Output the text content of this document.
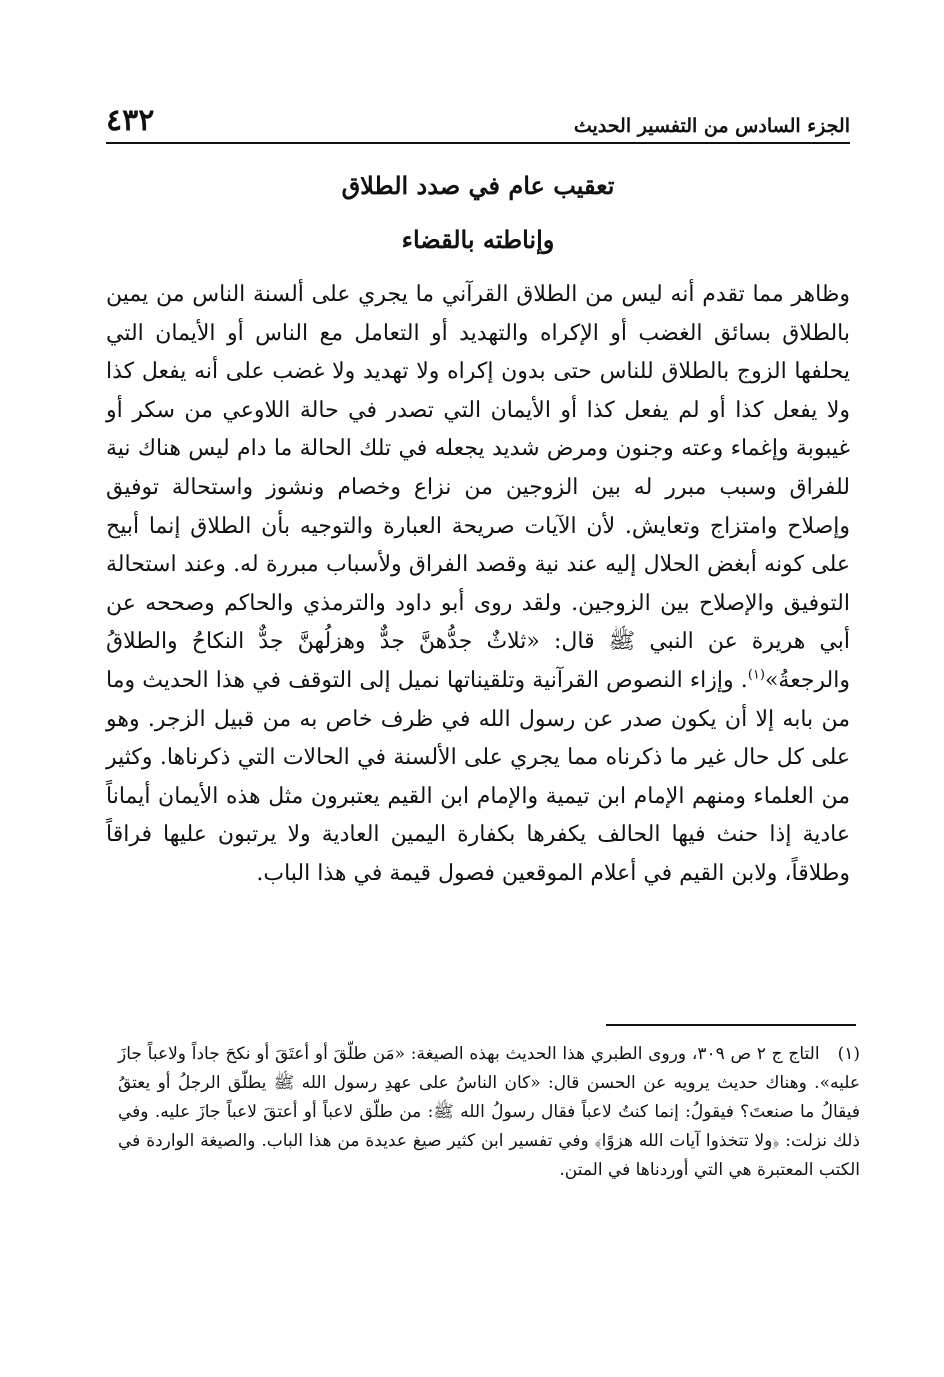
الجزء السادس من التفسير الحديث
٤٣٢
تعقيب عام في صدد الطلاق
وإناطته بالقضاء
وظاهر مما تقدم أنه ليس من الطلاق القرآني ما يجري على ألسنة الناس من يمين بالطلاق بسائق الغضب أو الإكراه والتهديد أو التعامل مع الناس أو الأيمان التي يحلفها الزوج بالطلاق للناس حتى بدون إكراه ولا تهديد ولا غضب على أنه يفعل كذا ولا يفعل كذا أو لم يفعل كذا أو الأيمان التي تصدر في حالة اللاوعي من سكر أو غيبوبة وإغماء وعته وجنون ومرض شديد يجعله في تلك الحالة ما دام ليس هناك نية للفراق وسبب مبرر له بين الزوجين من نزاع وخصام ونشوز واستحالة توفيق وإصلاح وامتزاج وتعايش. لأن الآيات صريحة العبارة والتوجيه بأن الطلاق إنما أبيح على كونه أبغض الحلال إليه عند نية وقصد الفراق ولأسباب مبررة له. وعند استحالة التوفيق والإصلاح بين الزوجين. ولقد روى أبو داود والترمذي والحاكم وصححه عن أبي هريرة عن النبي ﷺ قال: «ثلاثٌ جدُّهنَّ جدٌّ وهزلُهنَّ جدٌّ النكاحُ والطلاقُ والرجعةُ»$^{(١)}$. وإزاء النصوص القرآنية وتلقيناتها نميل إلى التوقف في هذا الحديث وما من بابه إلا أن يكون صدر عن رسول الله في ظرف خاص به من قبيل الزجر. وهو على كل حال غير ما ذكرناه مما يجري على الألسنة في الحالات التي ذكرناها. وكثير من العلماء ومنهم الإمام ابن تيمية والإمام ابن القيم يعتبرون مثل هذه الأيمان أيماناً عادية إذا حنث فيها الحالف يكفرها بكفارة اليمين العادية ولا يرتبون عليها فراقاً وطلاقاً، ولابن القيم في أعلام الموقعين فصول قيمة في هذا الباب.
(١)التاج ج ٢ ص ٣٠٩، وروى الطبري هذا الحديث بهذه الصيغة: «مَن طلّقَ أو أعتَقَ أو نكحَ جاداً ولاعباً جازَ عليه». وهناك حديث يرويه عن الحسن قال: «كان الناسُ على عهدِ رسول الله ﷺ يطلّق الرجلُ أو يعتقُ فيقالُ ما صنعتَ؟ فيقولُ: إنما كنتُ لاعباً فقال رسولُ الله ﷺ: من طلّق لاعباً أو أعتقَ لاعباً جازَ عليه. وفي ذلك نزلت: ﴿ولا تتخذوا آيات الله هزوًا﴾ وفي تفسير ابن كثير صيغ عديدة من هذا الباب. والصيغة الواردة في الكتب المعتبرة هي التي أوردناها في المتن.
